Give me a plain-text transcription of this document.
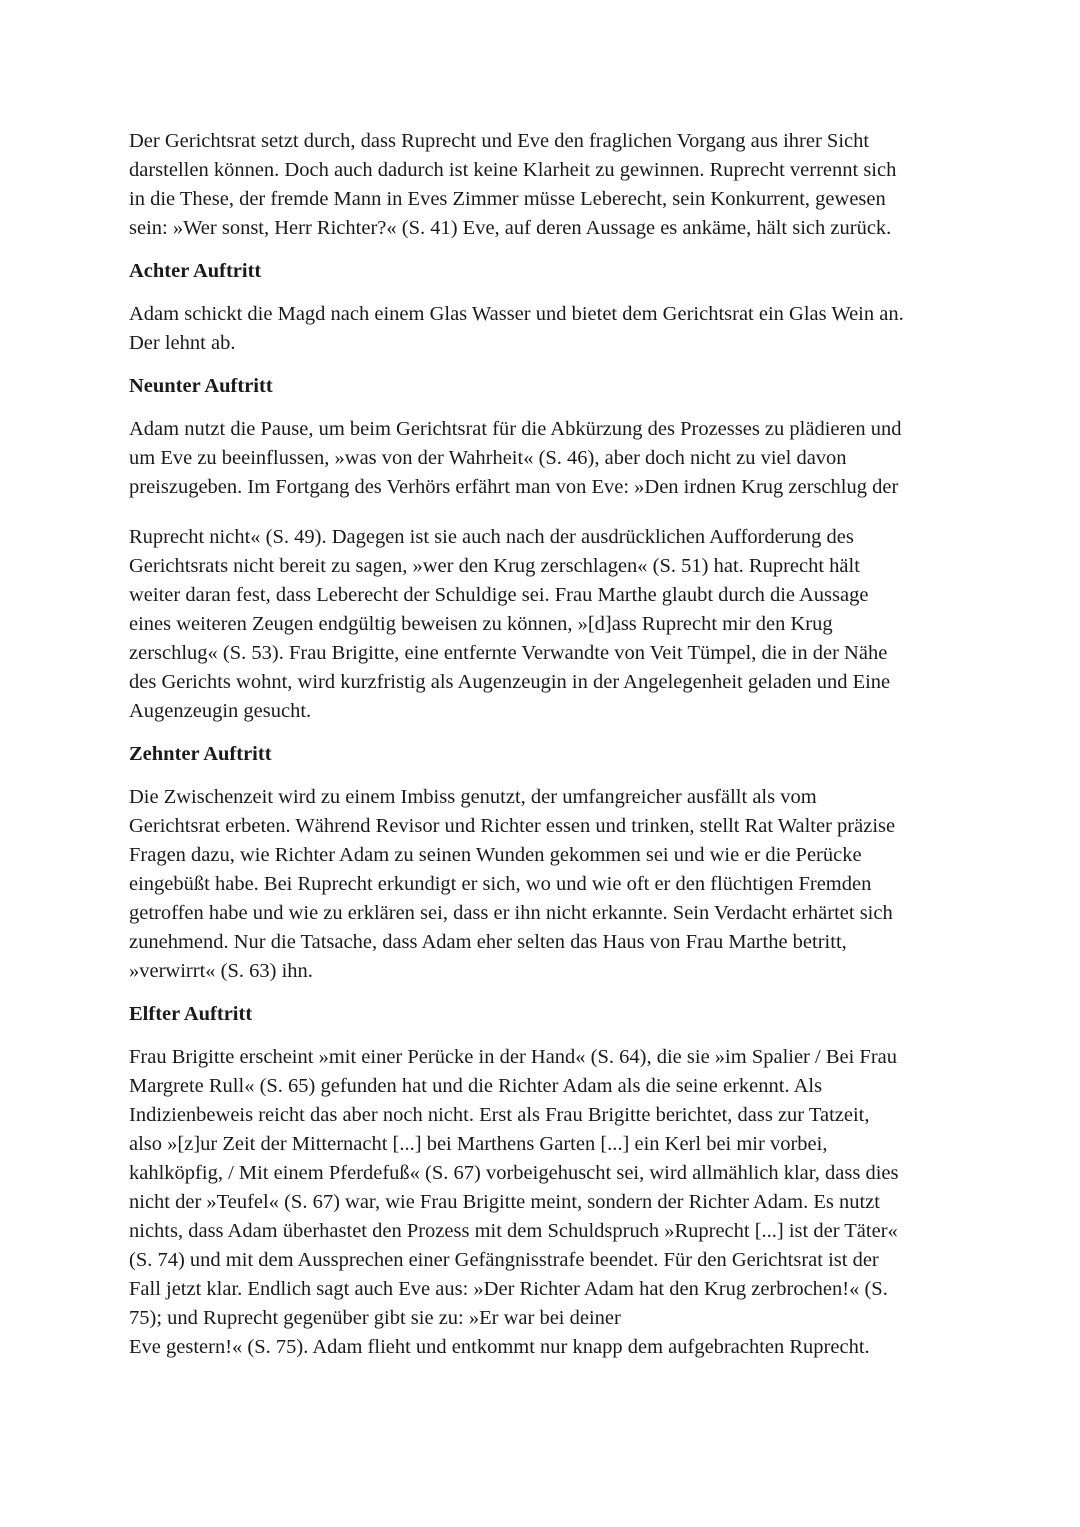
Der Gerichtsrat setzt durch, dass Ruprecht und Eve den fraglichen Vorgang aus ihrer Sicht
darstellen können. Doch auch dadurch ist keine Klarheit zu gewinnen. Ruprecht verrennt sich
in die These, der fremde Mann in Eves Zimmer müsse Leberecht, sein Konkurrent, gewesen
sein: »Wer sonst, Herr Richter?« (S. 41) Eve, auf deren Aussage es ankäme, hält sich zurück.

Achter Auftritt

Adam schickt die Magd nach einem Glas Wasser und bietet dem Gerichtsrat ein Glas Wein an.
Der lehnt ab.

Neunter Auftritt

Adam nutzt die Pause, um beim Gerichtsrat für die Abkürzung des Prozesses zu plädieren und
um Eve zu beeinflussen, »was von der Wahrheit« (S. 46), aber doch nicht zu viel davon
preiszugeben. Im Fortgang des Verhörs erfährt man von Eve: »Den irdnen Krug zerschlug der

Ruprecht nicht« (S. 49). Dagegen ist sie auch nach der ausdrücklichen Aufforderung des
Gerichtsrats nicht bereit zu sagen, »wer den Krug zerschlagen« (S. 51) hat. Ruprecht hält
weiter daran fest, dass Leberecht der Schuldige sei. Frau Marthe glaubt durch die Aussage
eines weiteren Zeugen endgültig beweisen zu können, »[d]ass Ruprecht mir den Krug
zerschlug« (S. 53). Frau Brigitte, eine entfernte Verwandte von Veit Tümpel, die in der Nähe
des Gerichts wohnt, wird kurzfristig als Augenzeugin in der Angelegenheit geladen und Eine
Augenzeugin gesucht.

Zehnter Auftritt

Die Zwischenzeit wird zu einem Imbiss genutzt, der umfangreicher ausfällt als vom
Gerichtsrat erbeten. Während Revisor und Richter essen und trinken, stellt Rat Walter präzise
Fragen dazu, wie Richter Adam zu seinen Wunden gekommen sei und wie er die Perücke
eingebüßt habe. Bei Ruprecht erkundigt er sich, wo und wie oft er den flüchtigen Fremden
getroffen habe und wie zu erklären sei, dass er ihn nicht erkannte. Sein Verdacht erhärtet sich
zunehmend. Nur die Tatsache, dass Adam eher selten das Haus von Frau Marthe betritt,
»verwirrt« (S. 63) ihn.

Elfter Auftritt

Frau Brigitte erscheint »mit einer Perücke in der Hand« (S. 64), die sie »im Spalier / Bei Frau
Margrete Rull« (S. 65) gefunden hat und die Richter Adam als die seine erkennt. Als
Indizienbeweis reicht das aber noch nicht. Erst als Frau Brigitte berichtet, dass zur Tatzeit,
also »[z]ur Zeit der Mitternacht [...] bei Marthens Garten [...] ein Kerl bei mir vorbei,
kahlköpfig, / Mit einem Pferdefuß« (S. 67) vorbeigehuscht sei, wird allmählich klar, dass dies
nicht der »Teufel« (S. 67) war, wie Frau Brigitte meint, sondern der Richter Adam. Es nutzt
nichts, dass Adam überhastet den Prozess mit dem Schuldspruch »Ruprecht [...] ist der Täter«
(S. 74) und mit dem Aussprechen einer Gefängnisstrafe beendet. Für den Gerichtsrat ist der
Fall jetzt klar. Endlich sagt auch Eve aus: »Der Richter Adam hat den Krug zerbrochen!« (S.
75); und Ruprecht gegenüber gibt sie zu: »Er war bei deiner
Eve gestern!« (S. 75). Adam flieht und entkommt nur knapp dem aufgebrachten Ruprecht.
